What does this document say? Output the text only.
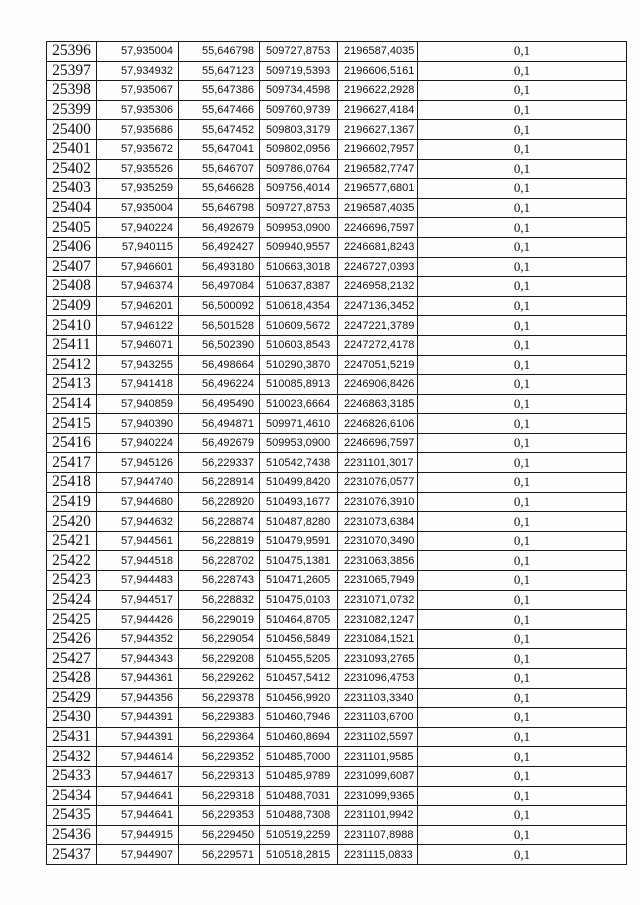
25396	57,935004	55,646798	509727,8753	2196587,4035	0,1
25397	57,934932	55,647123	509719,5393	2196606,5161	0,1
25398	57,935067	55,647386	509734,4598	2196622,2928	0,1
25399	57,935306	55,647466	509760,9739	2196627,4184	0,1
25400	57,935686	55,647452	509803,3179	2196627,1367	0,1
25401	57,935672	55,647041	509802,0956	2196602,7957	0,1
25402	57,935526	55,646707	509786,0764	2196582,7747	0,1
25403	57,935259	55,646628	509756,4014	2196577,6801	0,1
25404	57,935004	55,646798	509727,8753	2196587,4035	0,1
25405	57,940224	56,492679	509953,0900	2246696,7597	0,1
25406	57,940115	56,492427	509940,9557	2246681,8243	0,1
25407	57,946601	56,493180	510663,3018	2246727,0393	0,1
25408	57,946374	56,497084	510637,8387	2246958,2132	0,1
25409	57,946201	56,500092	510618,4354	2247136,3452	0,1
25410	57,946122	56,501528	510609,5672	2247221,3789	0,1
25411	57,946071	56,502390	510603,8543	2247272,4178	0,1
25412	57,943255	56,498664	510290,3870	2247051,5219	0,1
25413	57,941418	56,496224	510085,8913	2246906,8426	0,1
25414	57,940859	56,495490	510023,6664	2246863,3185	0,1
25415	57,940390	56,494871	509971,4610	2246826,6106	0,1
25416	57,940224	56,492679	509953,0900	2246696,7597	0,1
25417	57,945126	56,229337	510542,7438	2231101,3017	0,1
25418	57,944740	56,228914	510499,8420	2231076,0577	0,1
25419	57,944680	56,228920	510493,1677	2231076,3910	0,1
25420	57,944632	56,228874	510487,8280	2231073,6384	0,1
25421	57,944561	56,228819	510479,9591	2231070,3490	0,1
25422	57,944518	56,228702	510475,1381	2231063,3856	0,1
25423	57,944483	56,228743	510471,2605	2231065,7949	0,1
25424	57,944517	56,228832	510475,0103	2231071,0732	0,1
25425	57,944426	56,229019	510464,8705	2231082,1247	0,1
25426	57,944352	56,229054	510456,5849	2231084,1521	0,1
25427	57,944343	56,229208	510455,5205	2231093,2765	0,1
25428	57,944361	56,229262	510457,5412	2231096,4753	0,1
25429	57,944356	56,229378	510456,9920	2231103,3340	0,1
25430	57,944391	56,229383	510460,7946	2231103,6700	0,1
25431	57,944391	56,229364	510460,8694	2231102,5597	0,1
25432	57,944614	56,229352	510485,7000	2231101,9585	0,1
25433	57,944617	56,229313	510485,9789	2231099,6087	0,1
25434	57,944641	56,229318	510488,7031	2231099,9365	0,1
25435	57,944641	56,229353	510488,7308	2231101,9942	0,1
25436	57,944915	56,229450	510519,2259	2231107,8988	0,1
25437	57,944907	56,229571	510518,2815	2231115,0833	0,1
